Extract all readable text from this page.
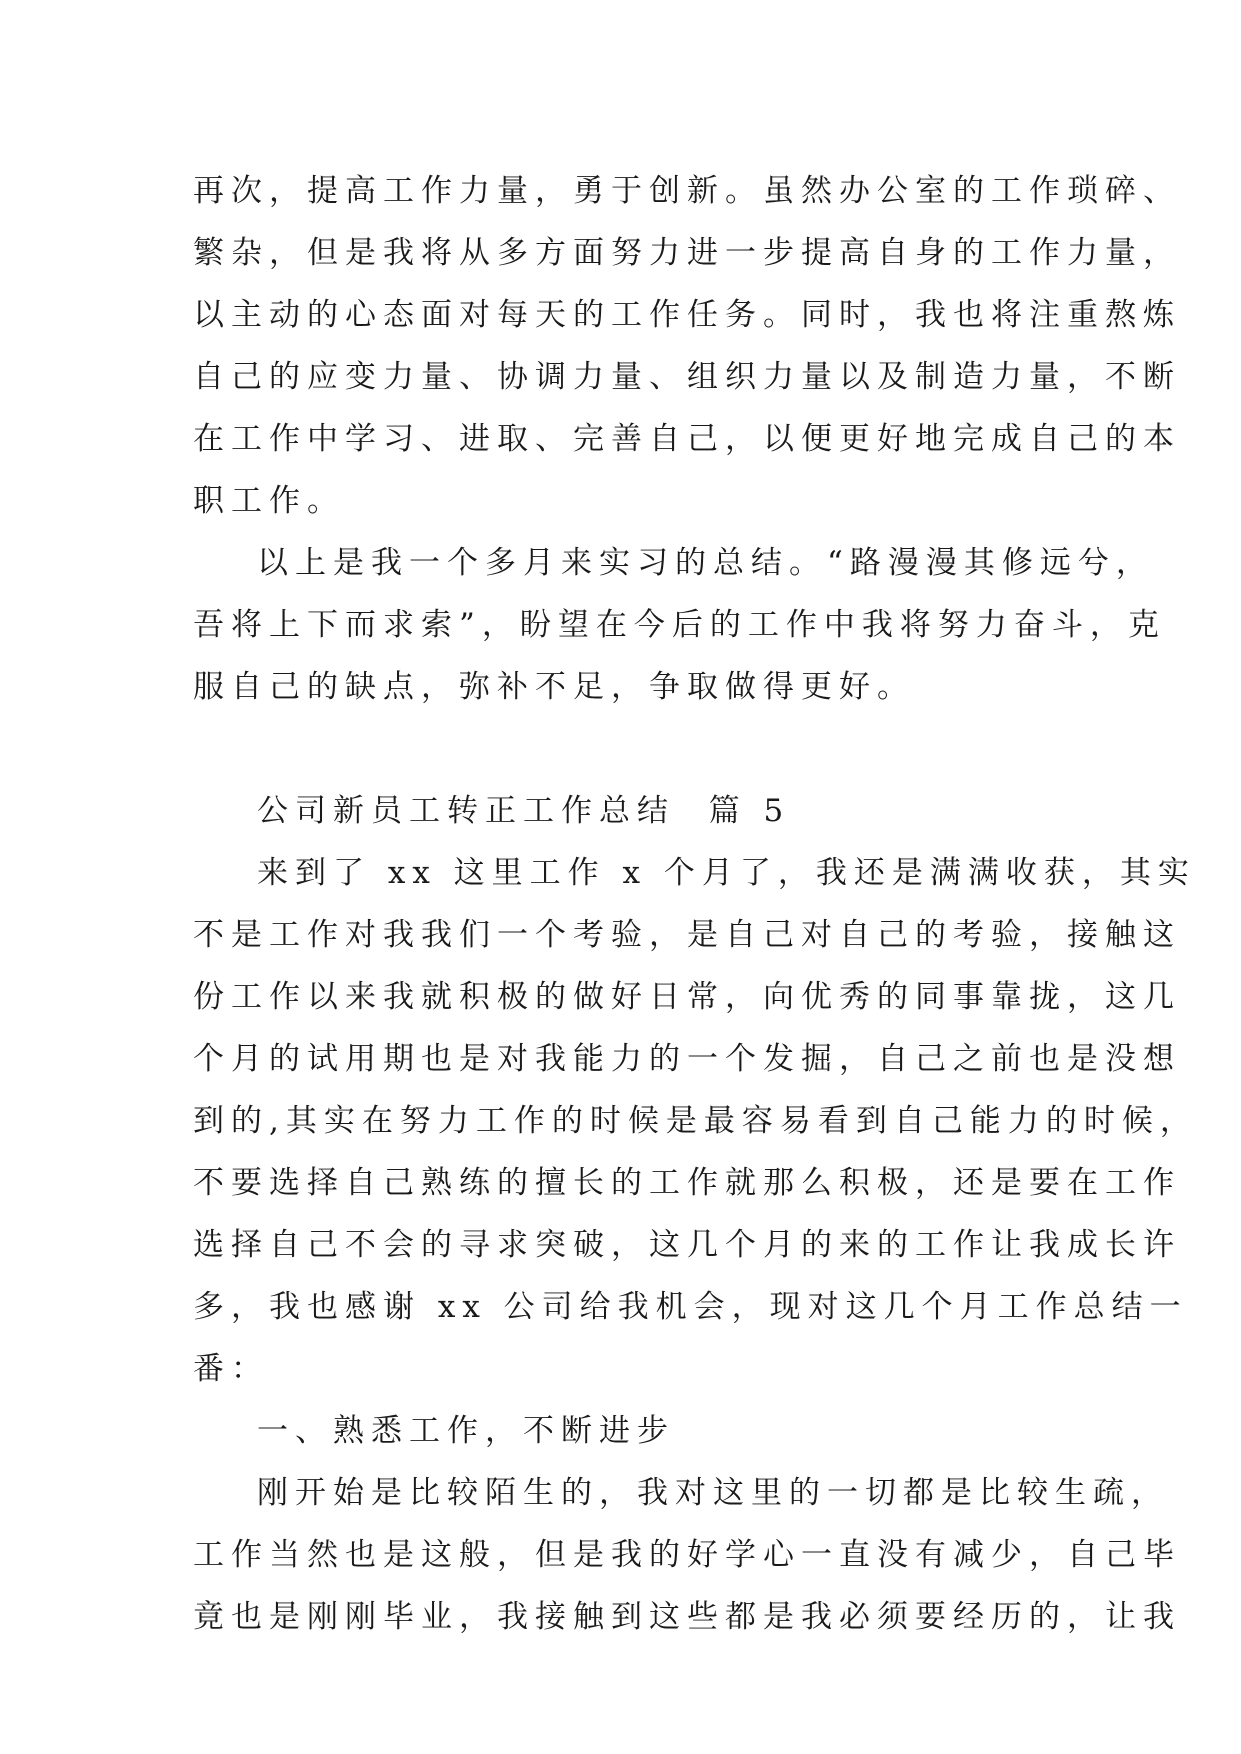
再次，提高工作力量，勇于创新。虽然办公室的工作琐碎、
繁杂，但是我将从多方面努力进一步提高自身的工作力量，
以主动的心态面对每天的工作任务。同时，我也将注重熬炼
自己的应变力量、协调力量、组织力量以及制造力量，不断
在工作中学习、进取、完善自己，以便更好地完成自己的本
职工作。
以上是我一个多月来实习的总结。“路漫漫其修远兮，
吾将上下而求索”，盼望在今后的工作中我将努力奋斗，克
服自己的缺点，弥补不足，争取做得更好。
公司新员工转正工作总结  篇 5
来到了 xx 这里工作 x 个月了，我还是满满收获，其实
不是工作对我我们一个考验，是自己对自己的考验，接触这
份工作以来我就积极的做好日常，向优秀的同事靠拢，这几
个月的试用期也是对我能力的一个发掘，自己之前也是没想
到的,其实在努力工作的时候是最容易看到自己能力的时候，
不要选择自己熟练的擅长的工作就那么积极，还是要在工作
选择自己不会的寻求突破，这几个月的来的工作让我成长许
多，我也感谢 xx 公司给我机会，现对这几个月工作总结一
番：
一、熟悉工作，不断进步
刚开始是比较陌生的，我对这里的一切都是比较生疏，
工作当然也是这般，但是我的好学心一直没有减少，自己毕
竟也是刚刚毕业，我接触到这些都是我必须要经历的，让我
